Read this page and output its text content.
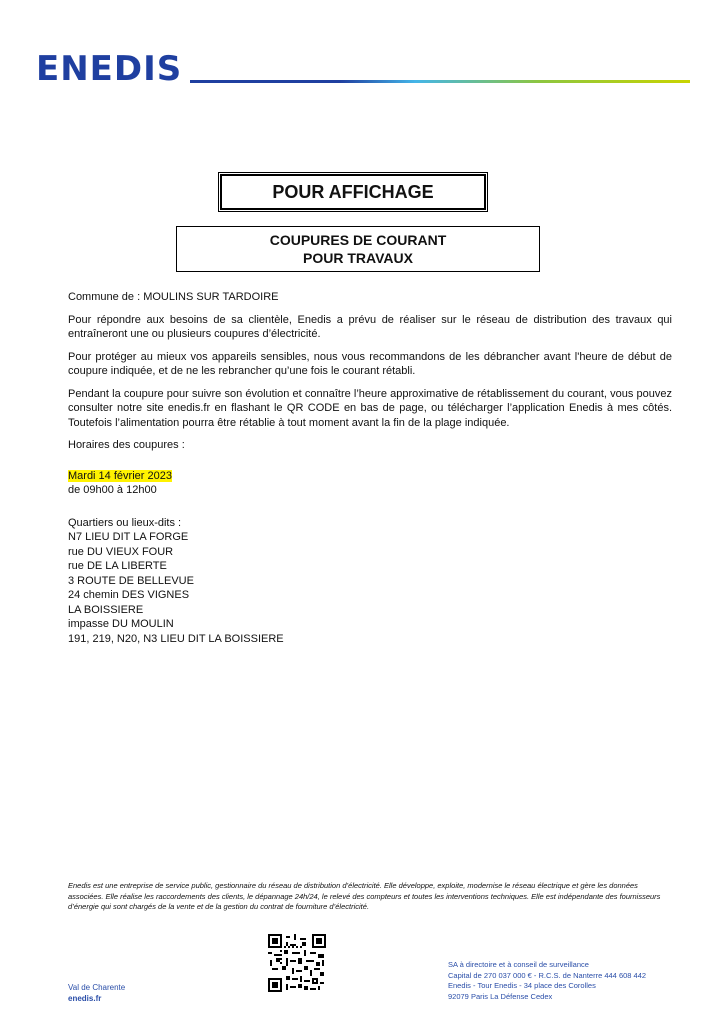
ENEDIS
POUR AFFICHAGE
COUPURES DE COURANT
POUR TRAVAUX

Commune de : MOULINS SUR TARDOIRE

Pour répondre aux besoins de sa clientèle, Enedis a prévu de réaliser sur le réseau de distribution des travaux qui entraîneront une ou plusieurs coupures d’électricité.

Pour protéger au mieux vos appareils sensibles, nous vous recommandons de les débrancher avant l'heure de début de coupure indiquée, et de ne les rebrancher qu’une fois le courant rétabli.

Pendant la coupure pour suivre son évolution et connaître l’heure approximative de rétablissement du courant, vous pouvez consulter notre site enedis.fr en flashant le QR CODE en bas de page, ou télécharger l’application Enedis à mes côtés. Toutefois l’alimentation pourra être rétablie à tout moment avant la fin de la plage indiquée.

Horaires des coupures :

Mardi 14 février 2023
de 09h00 à 12h00
Quartiers ou lieux-dits :
N7 LIEU DIT LA FORGE
rue DU VIEUX FOUR
rue DE LA LIBERTE
3 ROUTE DE BELLEVUE
24 chemin DES VIGNES
LA BOISSIERE
impasse DU MOULIN
191, 219, N20, N3 LIEU DIT LA BOISSIERE
Enedis est une entreprise de service public, gestionnaire du réseau de distribution d’électricité. Elle développe, exploite, modernise le réseau électrique et gère les données associées. Elle réalise les raccordements des clients, le dépannage 24h/24, le relevé des compteurs et toutes les interventions techniques. Elle est indépendante des fournisseurs d’énergie qui sont chargés de la vente et de la gestion du contrat de fourniture d’électricité.
Val de Charente
enedis.fr
SA à directoire et à conseil de surveillance
Capital de 270 037 000 € - R.C.S. de Nanterre 444 608 442
Enedis - Tour Enedis - 34 place des Corolles
92079 Paris La Défense Cedex
